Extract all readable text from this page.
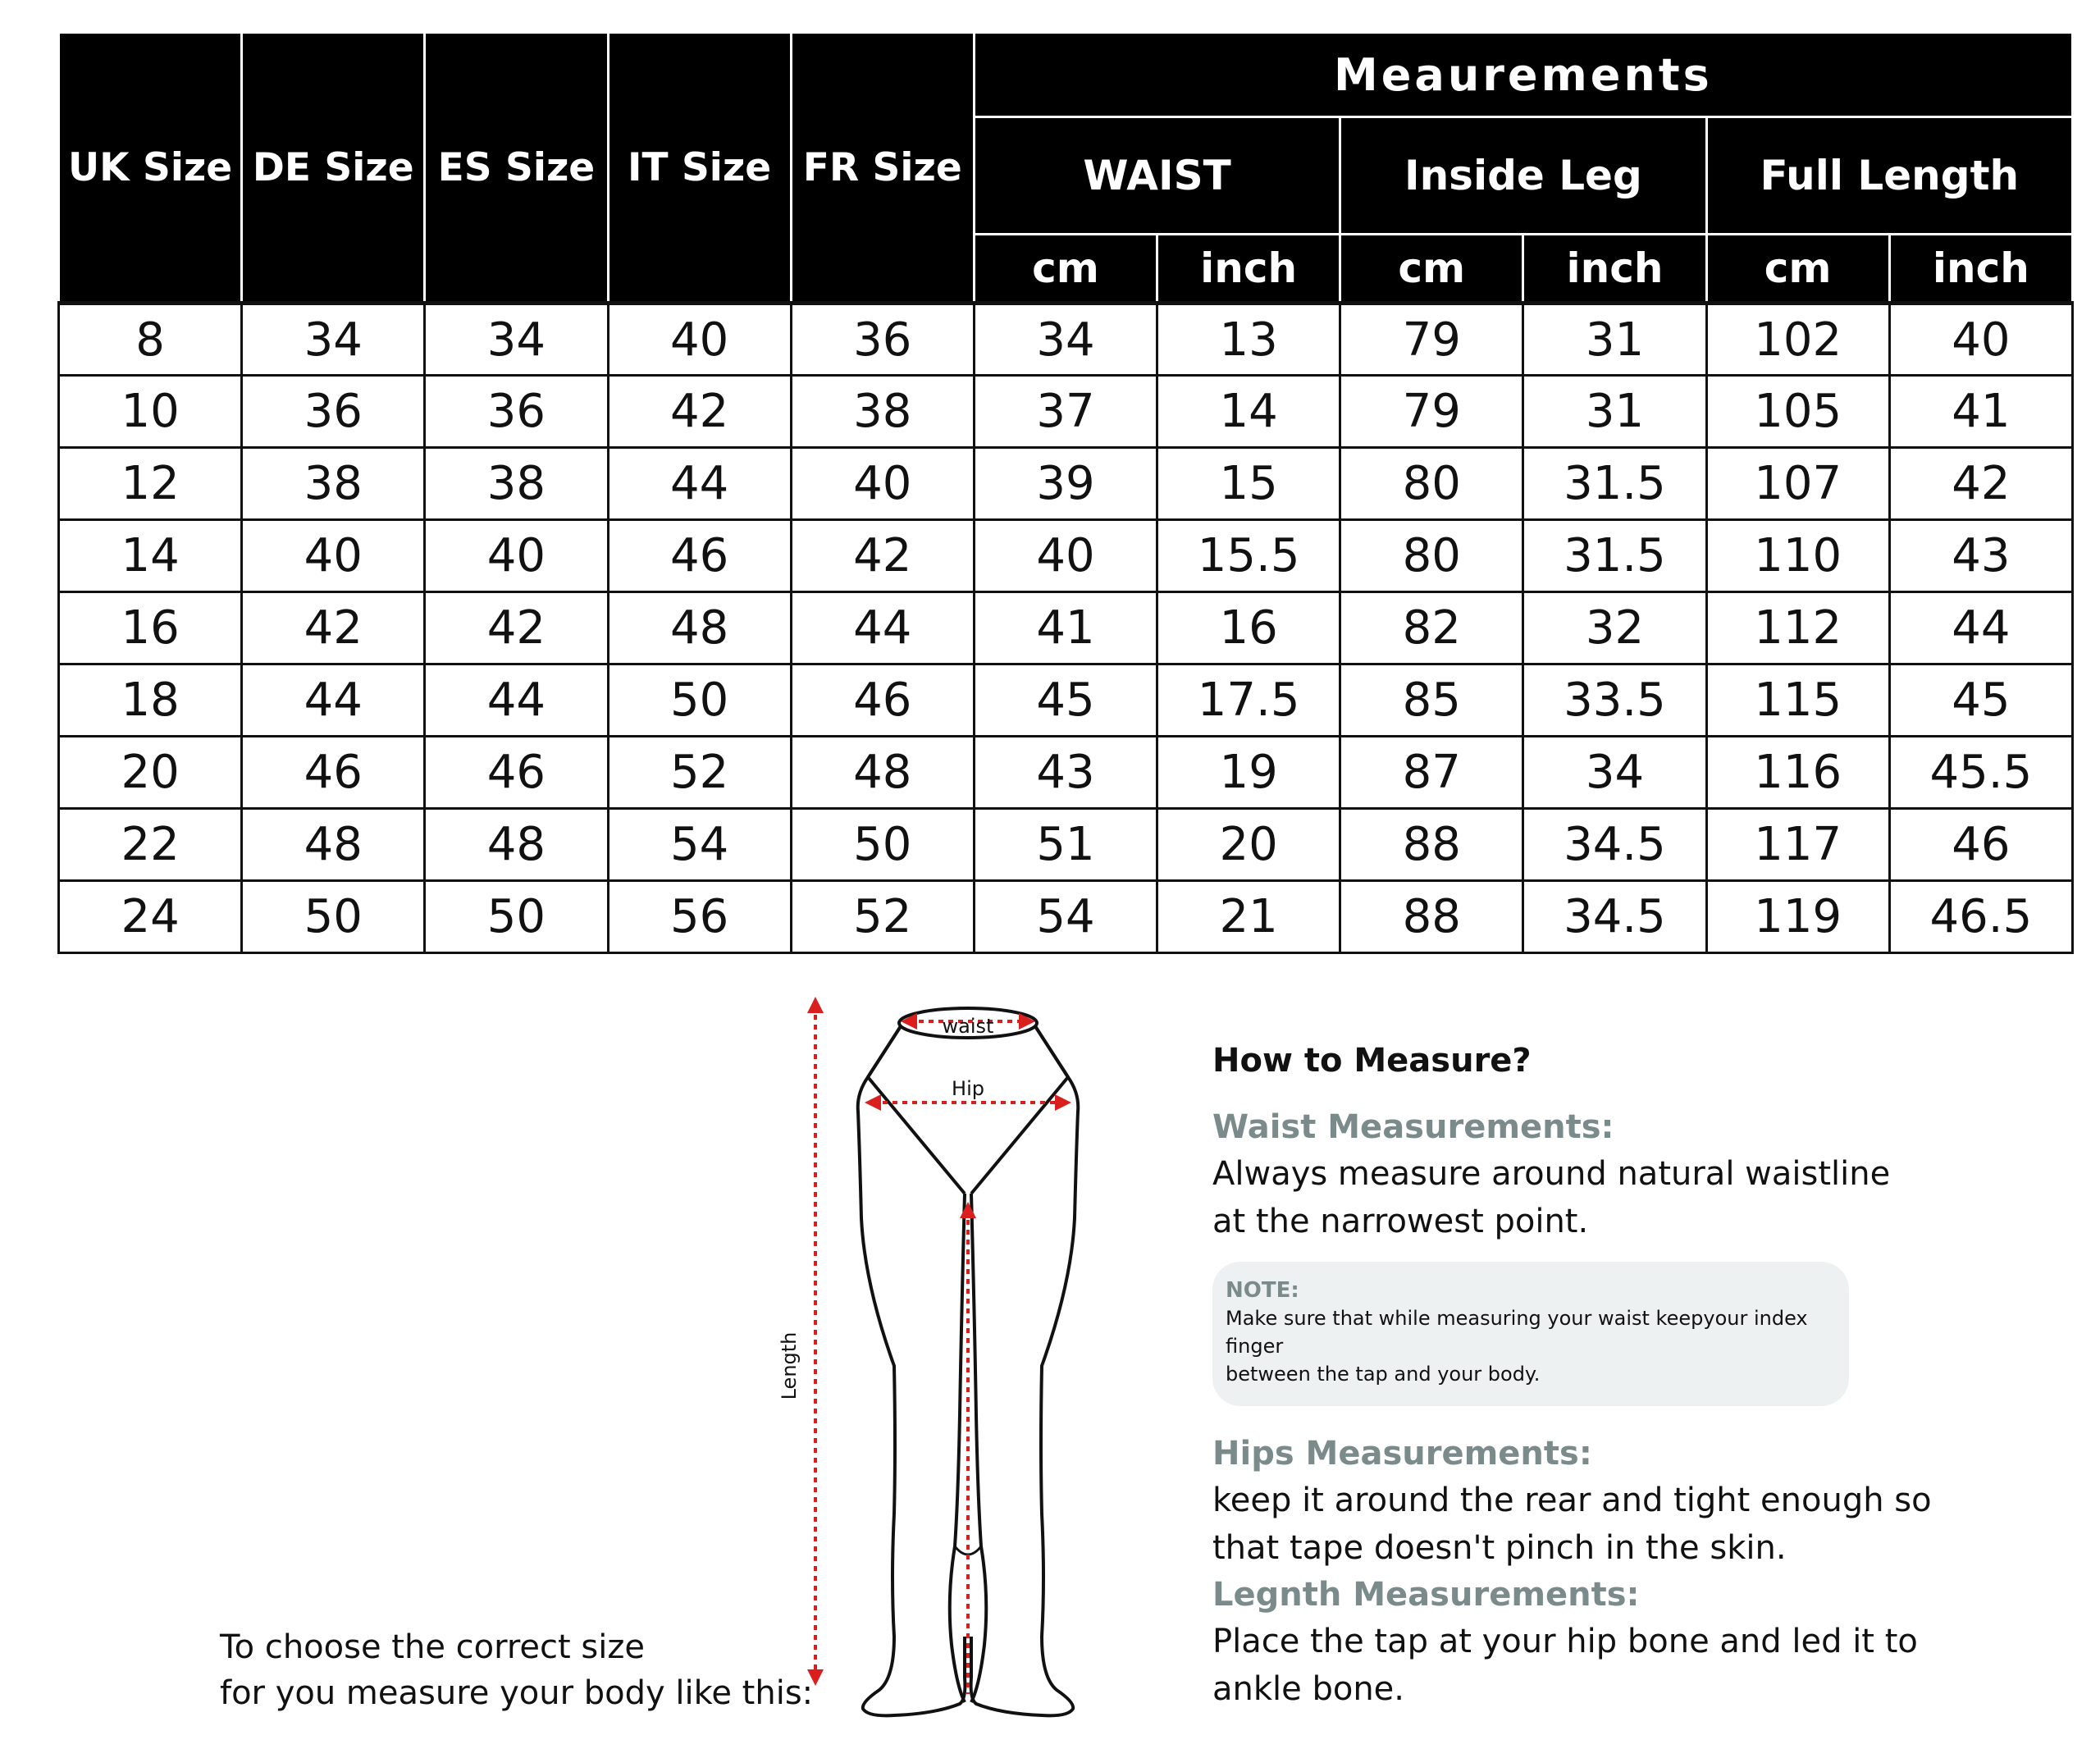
UK Size	DE Size	ES Size	IT Size	FR Size	Meaurements					
					WAIST		Inside Leg		Full Length	
					cm	inch	cm	inch	cm	inch
8	34	34	40	36	34	13	79	31	102	40
10	36	36	42	38	37	14	79	31	105	41
12	38	38	44	40	39	15	80	31.5	107	42
14	40	40	46	42	40	15.5	80	31.5	110	43
16	42	42	48	44	41	16	82	32	112	44
18	44	44	50	46	45	17.5	85	33.5	115	45
20	46	46	52	48	43	19	87	34	116	45.5
22	48	48	54	50	51	20	88	34.5	117	46
24	50	50	56	52	54	21	88	34.5	119	46.5
waist
Hip
Length
To choose the correct size
for you measure your body like this:

How to Measure?

Waist Measurements:

Always measure around natural waistline

at the narrowest point.

NOTE:
Make sure that while measuring your waist keepyour index finger
between the tap and your body.

Hips Measurements:

keep it around the rear and tight enough so

that tape doesn't pinch in the skin.

Legnth Measurements:

Place the tap at your hip bone and led it to

ankle bone.
